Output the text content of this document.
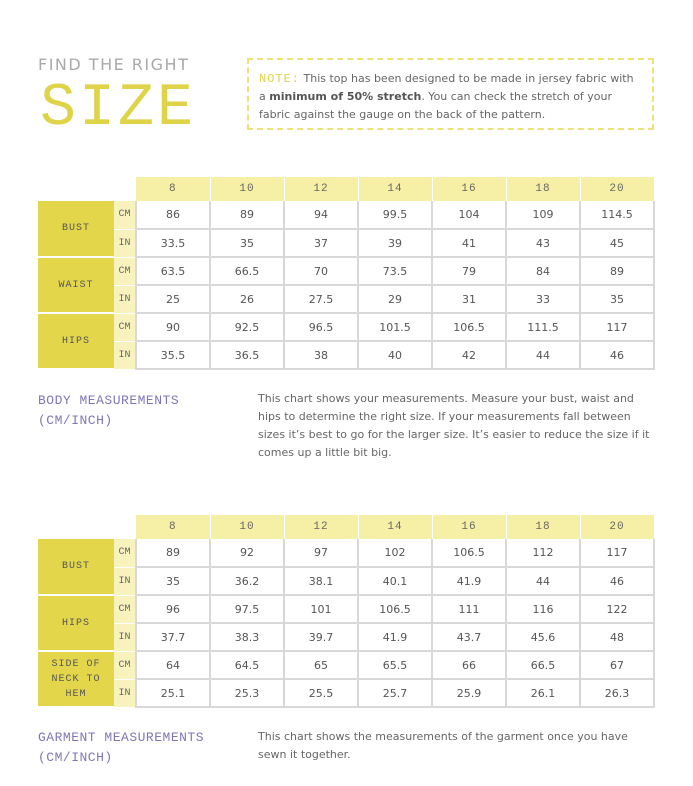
FIND THE RIGHT
SIZE	NOTE: This top has been designed to be made in jersey fabric with a minimum of 50% stretch. You can check the stretch of your fabric against the gauge on the back of the pattern.
		8	10	12	14	16	18	20
BUST	CM	86	89	94	99.5	104	109	114.5
	IN	33.5	35	37	39	41	43	45
WAIST	CM	63.5	66.5	70	73.5	79	84	89
	IN	25	26	27.5	29	31	33	35
HIPS	CM	90	92.5	96.5	101.5	106.5	111.5	117
	IN	35.5	36.5	38	40	42	44	46
BODY MEASUREMENTS
(CM/INCH)
This chart shows your measurements. Measure your bust, waist and hips to determine the right size. If your measurements fall between sizes it’s best to go for the larger size. It’s easier to reduce the size if it comes up a little bit big.
		8	10	12	14	16	18	20
BUST	CM	89	92	97	102	106.5	112	117
	IN	35	36.2	38.1	40.1	41.9	44	46
HIPS	CM	96	97.5	101	106.5	111	116	122
	IN	37.7	38.3	39.7	41.9	43.7	45.6	48
SIDE OF NECK TO HEM	CM	64	64.5	65	65.5	66	66.5	67
	IN	25.1	25.3	25.5	25.7	25.9	26.1	26.3
GARMENT MEASUREMENTS
(CM/INCH)
This chart shows the measurements of the garment once you have sewn it together.
